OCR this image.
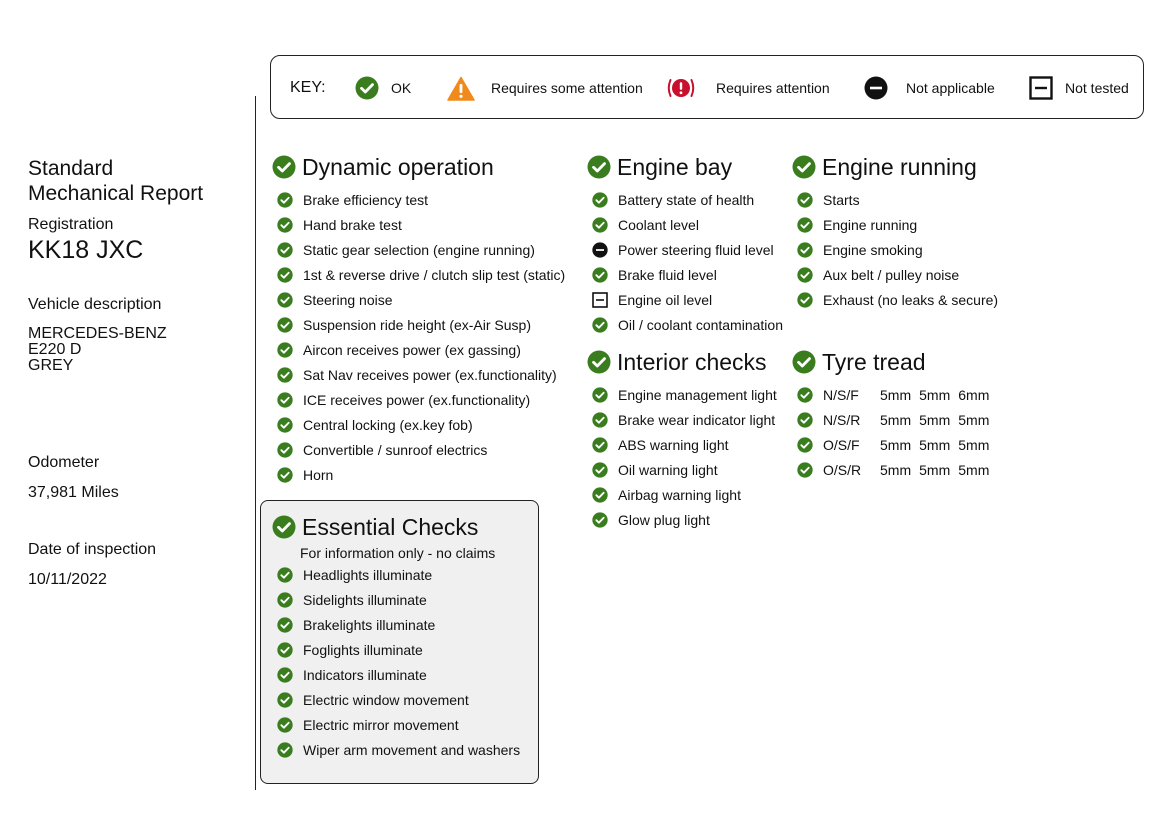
KEY:	OK	Requires some attention	Requires attention	Not applicable	Not tested
Standard
Mechanical Report
Registration
KK18 JXC
Vehicle description
MERCEDES-BENZ
E220 D
GREY
Odometer
37,981 Miles
Date of inspection
10/11/2022
Dynamic operation
Brake efficiency test
Hand brake test
Static gear selection (engine running)
1st & reverse drive / clutch slip test (static)
Steering noise
Suspension ride height (ex-Air Susp)
Aircon receives power (ex gassing)
Sat Nav receives power (ex.functionality)
ICE receives power (ex.functionality)
Central locking (ex.key fob)
Convertible / sunroof electrics
Horn
Essential Checks
For information only - no claims
Headlights illuminate
Sidelights illuminate
Brakelights illuminate
Foglights illuminate
Indicators illuminate
Electric window movement
Electric mirror movement
Wiper arm movement and washers
Engine bay
Battery state of health
Coolant level
Power steering fluid level
Brake fluid level
Engine oil level
Oil / coolant contamination
Interior checks
Engine management light
Brake wear indicator light
ABS warning light
Oil warning light
Airbag warning light
Glow plug light
Engine running
Starts
Engine running
Engine smoking
Aux belt / pulley noise
Exhaust (no leaks & secure)
Tyre tread
N/S/F	5mm 5mm 6mm
N/S/R	5mm 5mm 5mm
O/S/F	5mm 5mm 5mm
O/S/R	5mm 5mm 5mm
